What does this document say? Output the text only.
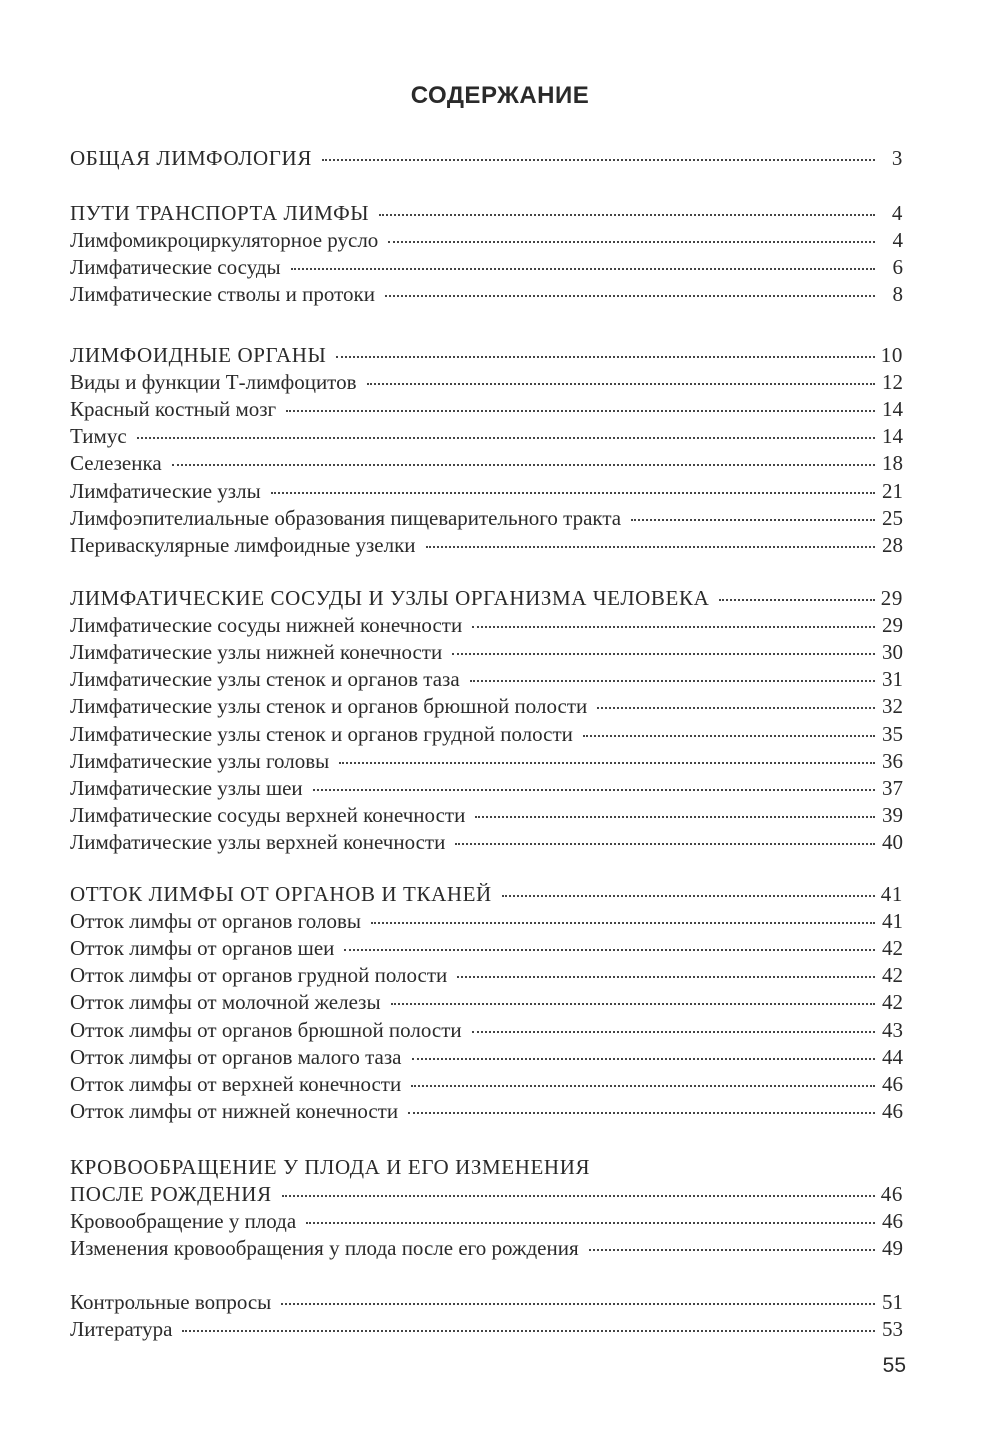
СОДЕРЖАНИЕ
ОБЩАЯ ЛИМФОЛОГИЯ	3
ПУТИ ТРАНСПОРТА ЛИМФЫ	4
Лимфомикроциркуляторное русло	4
Лимфатические сосуды	6
Лимфатические стволы и протоки	8
ЛИМФОИДНЫЕ ОРГАНЫ	10
Виды и функции Т-лимфоцитов	12
Красный костный мозг	14
Тимус	14
Селезенка	18
Лимфатические узлы	21
Лимфоэпителиальные образования пищеварительного тракта	25
Периваскулярные лимфоидные узелки	28
ЛИМФАТИЧЕСКИЕ СОСУДЫ И УЗЛЫ ОРГАНИЗМА ЧЕЛОВЕКА	29
Лимфатические сосуды нижней конечности	29
Лимфатические узлы нижней конечности	30
Лимфатические узлы стенок и органов таза	31
Лимфатические узлы стенок и органов брюшной полости	32
Лимфатические узлы стенок и органов грудной полости	35
Лимфатические узлы головы	36
Лимфатические узлы шеи	37
Лимфатические сосуды верхней конечности	39
Лимфатические узлы верхней конечности	40
ОТТОК ЛИМФЫ ОТ ОРГАНОВ И ТКАНЕЙ	41
Отток лимфы от органов головы	41
Отток лимфы от органов шеи	42
Отток лимфы от органов грудной полости	42
Отток лимфы от молочной железы	42
Отток лимфы от органов брюшной полости	43
Отток лимфы от органов малого таза	44
Отток лимфы от верхней конечности	46
Отток лимфы от нижней конечности	46
КРОВООБРАЩЕНИЕ У ПЛОДА И ЕГО ИЗМЕНЕНИЯ
ПОСЛЕ РОЖДЕНИЯ	46
Кровообращение у плода	46
Изменения кровообращения у плода после его рождения	49
Контрольные вопросы	51
Литература	53
55
